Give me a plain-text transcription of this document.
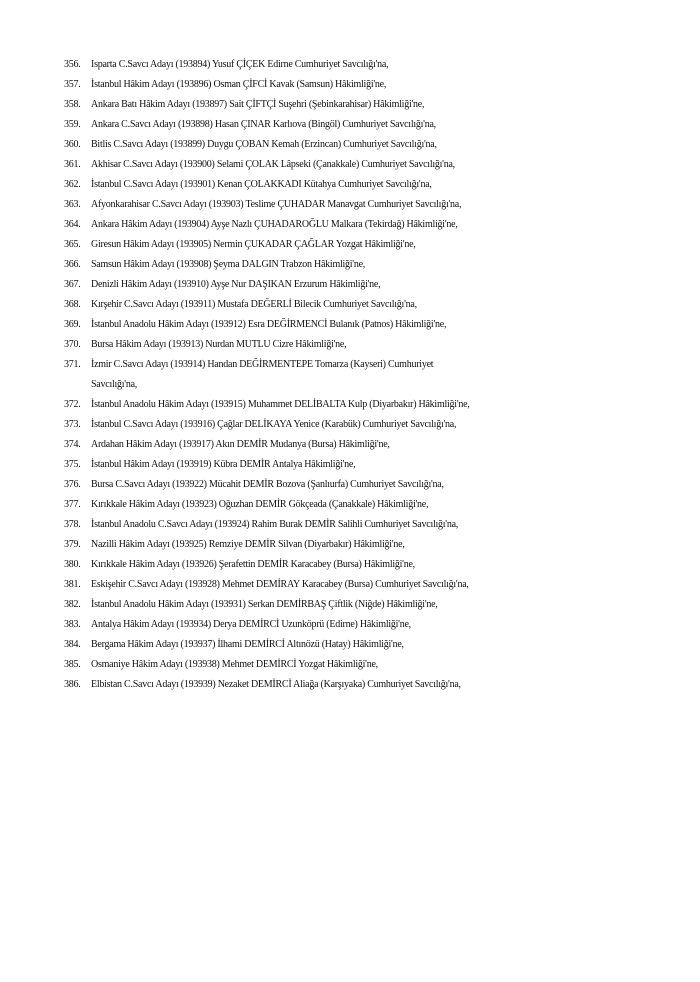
356.	Isparta C.Savcı Adayı (193894) Yusuf ÇİÇEK Edirne Cumhuriyet Savcılığı'na,
357.	İstanbul Hâkim Adayı (193896) Osman ÇİFCİ Kavak (Samsun) Hâkimliği'ne,
358.	Ankara Batı Hâkim Adayı (193897) Sait ÇİFTÇİ Suşehri (Şebinkarahisar) Hâkimliği'ne,
359.	Ankara C.Savcı Adayı (193898) Hasan ÇINAR Karlıova (Bingöl) Cumhuriyet Savcılığı'na,
360.	Bitlis C.Savcı Adayı (193899) Duygu ÇOBAN Kemah (Erzincan) Cumhuriyet Savcılığı'na,
361.	Akhisar C.Savcı Adayı (193900) Selami ÇOLAK Lâpseki (Çanakkale) Cumhuriyet Savcılığı'na,
362.	İstanbul C.Savcı Adayı (193901) Kenan ÇOLAKKADI Kütahya Cumhuriyet Savcılığı'na,
363.	Afyonkarahisar C.Savcı Adayı (193903) Teslime ÇUHADAR Manavgat Cumhuriyet Savcılığı'na,
364.	Ankara Hâkim Adayı (193904) Ayşe Nazlı ÇUHADAROĞLU Malkara (Tekirdağ) Hâkimliği'ne,
365.	Giresun Hâkim Adayı (193905) Nermin ÇUKADAR ÇAĞLAR Yozgat Hâkimliği'ne,
366.	Samsun Hâkim Adayı (193908) Şeyma DALGIN Trabzon Hâkimliği'ne,
367.	Denizli Hâkim Adayı (193910) Ayşe Nur DAŞIKAN Erzurum Hâkimliği'ne,
368.	Kırşehir C.Savcı Adayı (193911) Mustafa DEĞERLİ Bilecik Cumhuriyet Savcılığı'na,
369.	İstanbul Anadolu Hâkim Adayı (193912) Esra DEĞİRMENCİ Bulanık (Patnos) Hâkimliği'ne,
370.	Bursa Hâkim Adayı (193913) Nurdan MUTLU Cizre Hâkimliği'ne,
371.	İzmir C.Savcı Adayı (193914) Handan DEĞİRMENTEPE Tomarza (Kayseri) Cumhuriyet Savcılığı'na,
372.	İstanbul Anadolu Hâkim Adayı (193915) Muhammet DELİBALTA Kulp (Diyarbakır) Hâkimliği'ne,
373.	İstanbul C.Savcı Adayı (193916) Çağlar DELİKAYA Yenice (Karabük) Cumhuriyet Savcılığı'na,
374.	Ardahan Hâkim Adayı (193917) Akın DEMİR Mudanya (Bursa) Hâkimliği'ne,
375.	İstanbul Hâkim Adayı (193919) Kübra DEMİR Antalya Hâkimliği'ne,
376.	Bursa C.Savcı Adayı (193922) Mücahit DEMİR Bozova (Şanlıurfa) Cumhuriyet Savcılığı'na,
377.	Kırıkkale Hâkim Adayı (193923) Oğuzhan DEMİR Gökçeada (Çanakkale) Hâkimliği'ne,
378.	İstanbul Anadolu C.Savcı Adayı (193924) Rahim Burak DEMİR Salihli Cumhuriyet Savcılığı'na,
379.	Nazilli Hâkim Adayı (193925) Remziye DEMİR Silvan (Diyarbakır) Hâkimliği'ne,
380.	Kırıkkale Hâkim Adayı (193926) Şerafettin DEMİR Karacabey (Bursa) Hâkimliği'ne,
381.	Eskişehir C.Savcı Adayı (193928) Mehmet DEMİRAY Karacabey (Bursa) Cumhuriyet Savcılığı'na,
382.	İstanbul Anadolu Hâkim Adayı (193931) Serkan DEMİRBAŞ Çiftlik (Niğde) Hâkimliği'ne,
383.	Antalya Hâkim Adayı (193934) Derya DEMİRCİ Uzunköprü (Edirne) Hâkimliği'ne,
384.	Bergama Hâkim Adayı (193937) İlhami DEMİRCİ Altınözü (Hatay) Hâkimliği'ne,
385.	Osmaniye Hâkim Adayı (193938) Mehmet DEMİRCİ Yozgat Hâkimliği'ne,
386.	Elbistan C.Savcı Adayı (193939) Nezaket DEMİRCİ Aliağa (Karşıyaka) Cumhuriyet Savcılığı'na,
